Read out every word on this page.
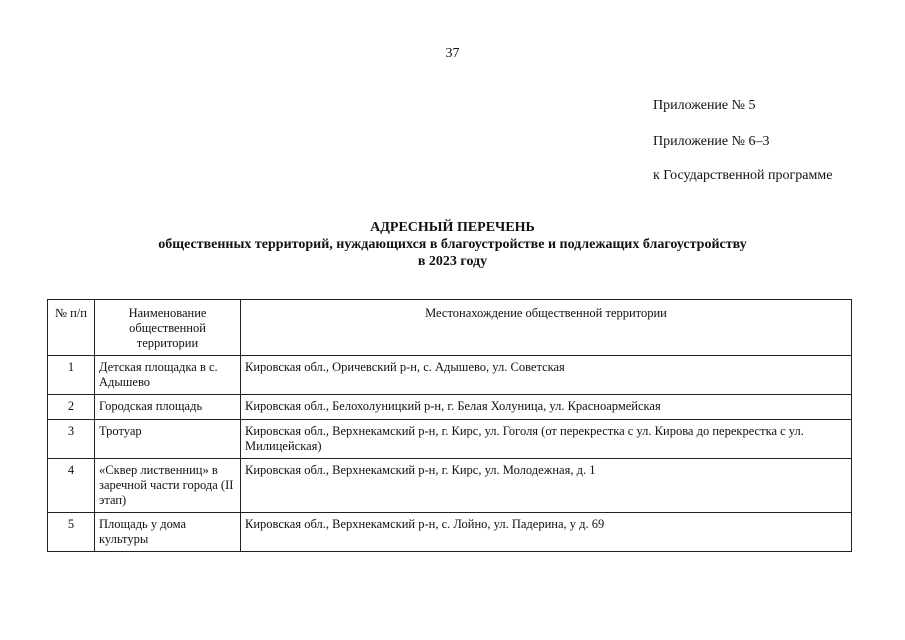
37
Приложение № 5
Приложение № 6–3
к Государственной программе
АДРЕСНЫЙ ПЕРЕЧЕНЬ
общественных территорий, нуждающихся в благоустройстве и подлежащих благоустройству
в 2023 году
№ п/п	Наименование общественной территории	Местонахождение общественной территории
1	Детская площадка в с. Адышево	Кировская обл., Оричевский р-н, с. Адышево, ул. Советская
2	Городская площадь	Кировская обл., Белохолуницкий р-н, г. Белая Холуница, ул. Красноармейская
3	Тротуар	Кировская обл., Верхнекамский р-н, г. Кирс, ул. Гоголя (от перекрестка с ул. Кирова до перекрестка с ул. Милицейская)
4	«Сквер лиственниц» в заречной части города (II этап)	Кировская обл., Верхнекамский р-н, г. Кирс, ул. Молодежная, д. 1
5	Площадь у дома культуры	Кировская обл., Верхнекамский р-н, с. Лойно, ул. Падерина, у д. 69
